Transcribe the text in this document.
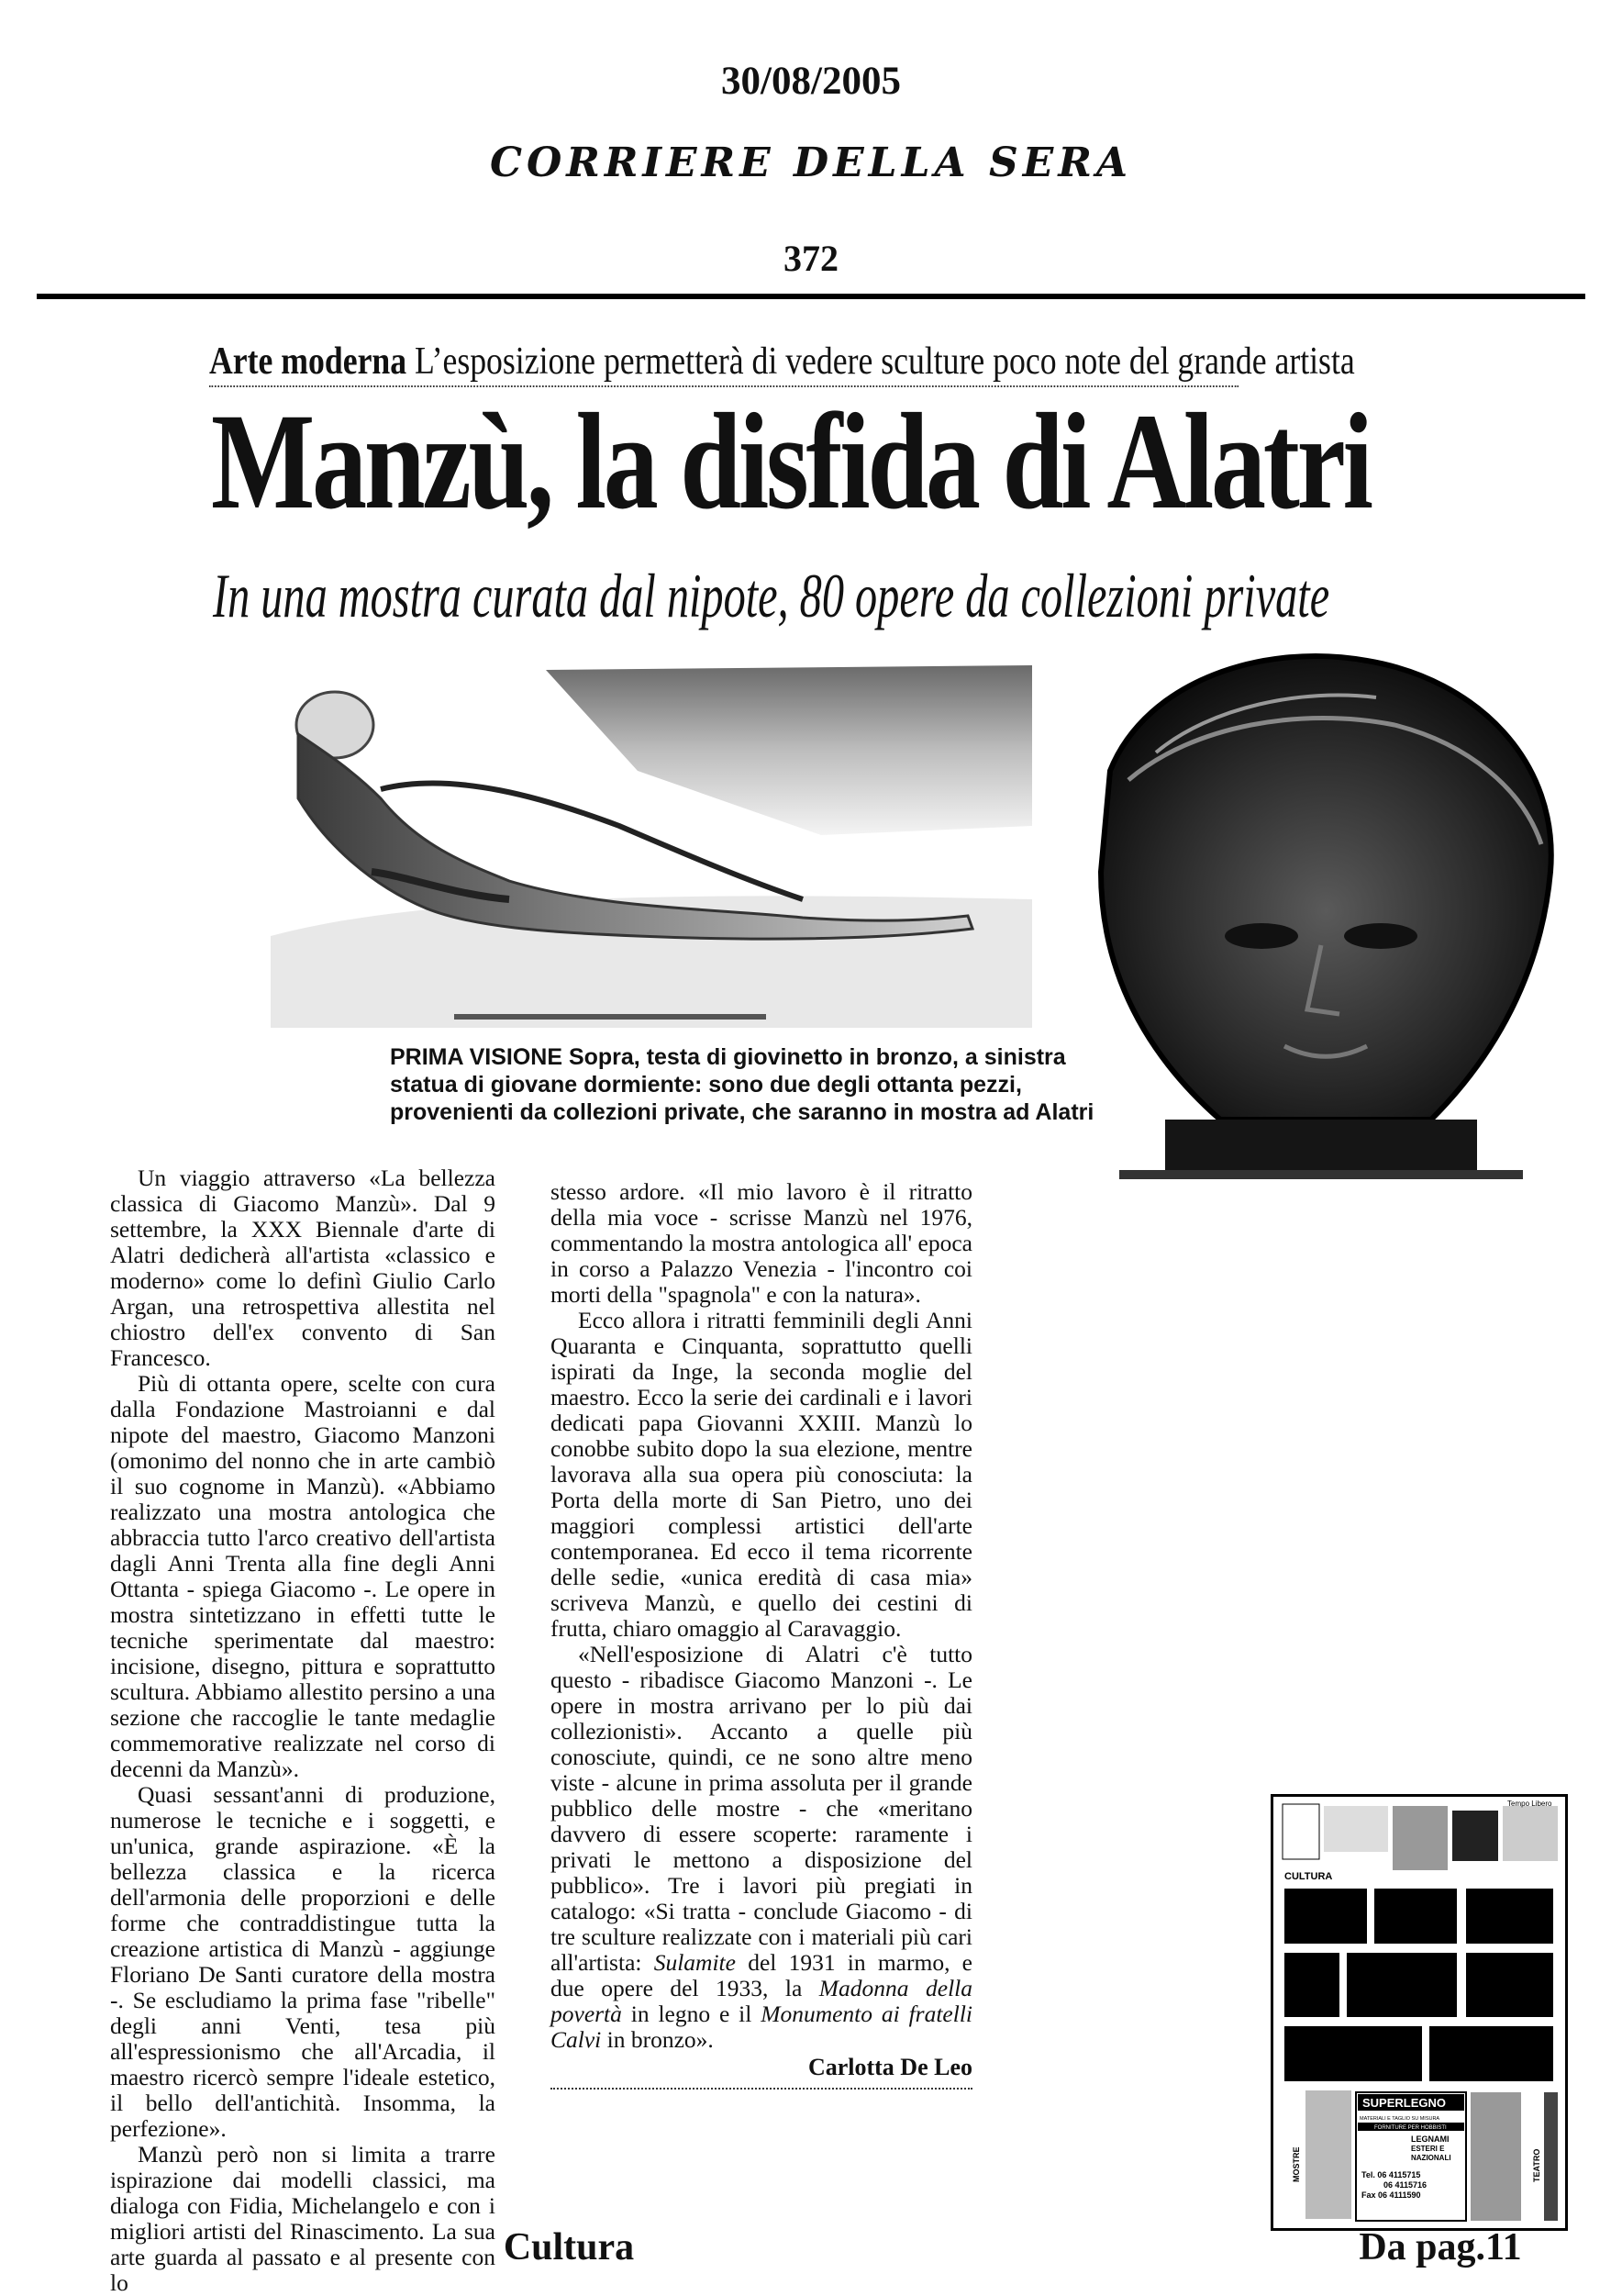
30/08/2005
CORRIERE DELLA SERA
372
Arte moderna L’esposizione permetterà di vedere sculture poco note del grande artista
Manzù, la disfida di Alatri
In una mostra curata dal nipote, 80 opere da collezioni private
PRIMA VISIONE Sopra, testa di giovinetto in bronzo, a sinistra statua di giovane dormiente: sono due degli ottanta pezzi, provenienti da collezioni private, che saranno in mostra ad Alatri

Un viaggio attraverso «La bellezza classica di Giacomo Manzù». Dal 9 settembre, la XXX Biennale d'arte di Alatri dedicherà all'artista «classico e moderno» come lo definì Giulio Carlo Argan, una retrospettiva allestita nel chiostro dell'ex convento di San Francesco.

Più di ottanta opere, scelte con cura dalla Fondazione Mastroianni e dal nipote del maestro, Giacomo Manzoni (omonimo del nonno che in arte cambiò il suo cognome in Manzù). «Abbiamo realizzato una mostra antologica che abbraccia tutto l'arco creativo dell'artista dagli Anni Trenta alla fine degli Anni Ottanta - spiega Giacomo -. Le opere in mostra sintetizzano in effetti tutte le tecniche sperimentate dal maestro: incisione, disegno, pittura e soprattutto scultura. Abbiamo allestito persino a una sezione che raccoglie le tante medaglie commemorative realizzate nel corso di decenni da Manzù».

Quasi sessant'anni di produzione, numerose le tecniche e i soggetti, e un'unica, grande aspirazione. «È la bellezza classica e la ricerca dell'armonia delle proporzioni e delle forme che contraddistingue tutta la creazione artistica di Manzù - aggiunge Floriano De Santi curatore della mostra -. Se escludiamo la prima fase "ribelle" degli anni Venti, tesa più all'espressionismo che all'Arcadia, il maestro ricercò sempre l'ideale estetico, il bello dell'antichità. Insomma, la perfezione».

Manzù però non si limita a trarre ispirazione dai modelli classici, ma dialoga con Fidia, Michelangelo e con i migliori artisti del Rinascimento. La sua arte guarda al passato e al presente con lo

stesso ardore. «Il mio lavoro è il ritratto della mia voce - scrisse Manzù nel 1976, commentando la mostra antologica all' epoca in corso a Palazzo Venezia - l'incontro coi morti della "spagnola" e con la natura».

Ecco allora i ritratti femminili degli Anni Quaranta e Cinquanta, soprattutto quelli ispirati da Inge, la seconda moglie del maestro. Ecco la serie dei cardinali e i lavori dedicati papa Giovanni XXIII. Manzù lo conobbe subito dopo la sua elezione, mentre lavorava alla sua opera più conosciuta: la Porta della morte di San Pietro, uno dei maggiori complessi artistici dell'arte contemporanea. Ed ecco il tema ricorrente delle sedie, «unica eredità di casa mia» scriveva Manzù, e quello dei cestini di frutta, chiaro omaggio al Caravaggio.

«Nell'esposizione di Alatri c'è tutto questo - ribadisce Giacomo Manzoni -. Le opere in mostra arrivano per lo più dai collezionisti». Accanto a quelle più conosciute, quindi, ce ne sono altre meno viste - alcune in prima assoluta per il grande pubblico delle mostre - che «meritano davvero di essere scoperte: raramente i privati le mettono a disposizione del pubblico». Tre i lavori più pregiati in catalogo: «Si tratta - conclude Giacomo - di tre sculture realizzate con i materiali più cari all'artista: Sulamite del 1931 in marmo, e due opere del 1933, la Madonna della povertà in legno e il Monumento ai fratelli Calvi in bronzo».

Carlotta De Leo
CULTURA
Tempo Libero
MOSTRE
SUPERLEGNO
MATERIALI E TAGLIO SU MISURA
FORNITURE PER HOBBISTI
LEGNAMI
ESTERI E
NAZIONALI
Tel. 06 4115715
06 4115716
Fax 06 4111590
TEATRO
Cultura	Da pag.11
